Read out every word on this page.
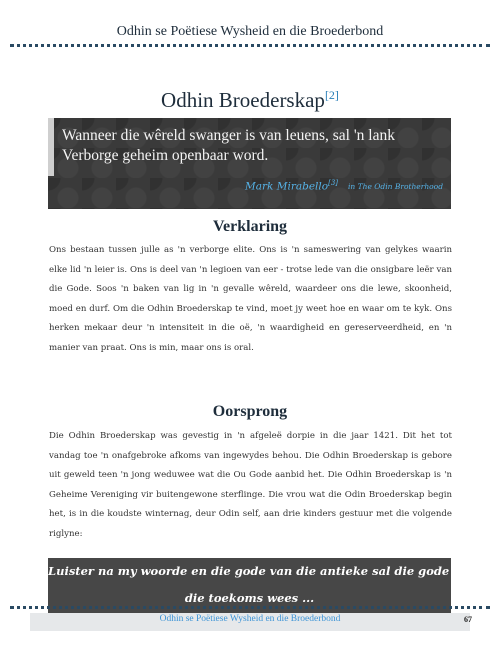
Odhin se Poëtiese Wysheid en die Broederbond
Odhin Broederskap[2]
Wanneer die wêreld swanger is van leuens, sal 'n lank Verborge geheim openbaar word.
Mark Mirabello[3] in The Odin Brotherhood
Verklaring
Ons bestaan tussen julle as 'n verborge elite. Ons is 'n sameswering van gelykes waarin elke lid 'n leier is. Ons is deel van 'n legioen van eer - trotse lede van die onsigbare leër van die Gode. Soos 'n baken van lig in 'n gevalle wêreld, waardeer ons die lewe, skoonheid, moed en durf. Om die Odhin Broederskap te vind, moet jy weet hoe en waar om te kyk. Ons herken mekaar deur 'n intensiteit in die oë, 'n waardigheid en gereserveerdheid, en 'n manier van praat. Ons is min, maar ons is oral.
Oorsprong
Die Odhin Broederskap was gevestig in 'n afgeleë dorpie in die jaar 1421. Dit het tot vandag toe 'n onafgebroke afkoms van ingewydes behou. Die Odhin Broederskap is gebore uit geweld teen 'n jong weduwee wat die Ou Gode aanbid het. Die Odhin Broederskap is 'n Geheime Vereniging vir buitengewone sterflinge. Die vrou wat die Odin Broederskap begin het, is in die koudste winternag, deur Odin self, aan drie kinders gestuur met die volgende riglyne:
Luister na my woorde en die gode van die antieke sal die gode van
die toekoms wees ...
Odhin se Poëtiese Wysheid en die Broederbond	67
